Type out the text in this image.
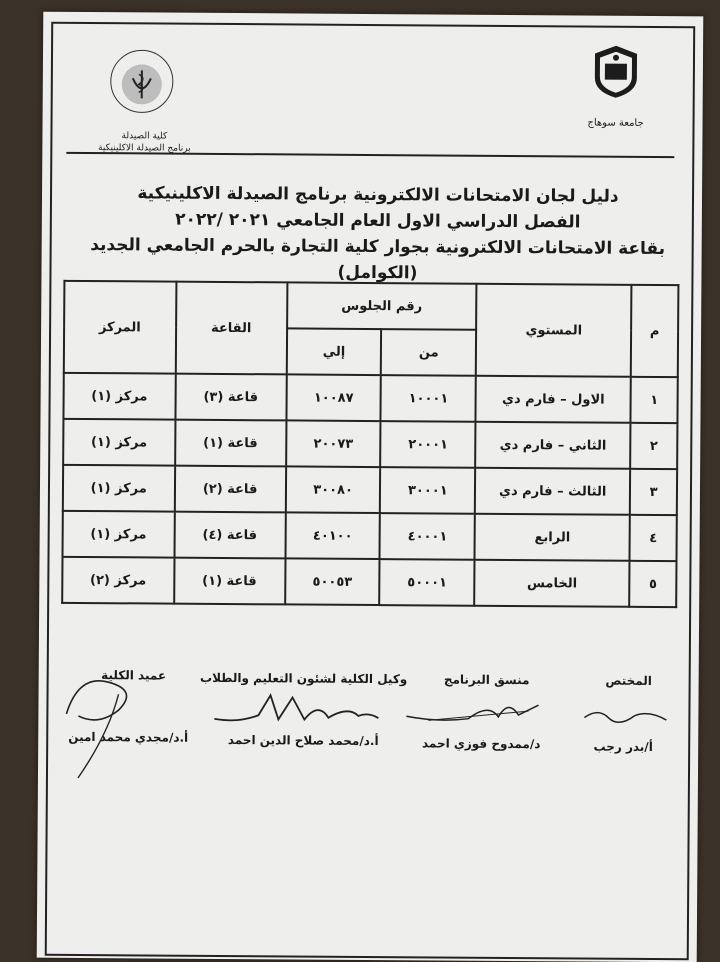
جامعة سوهاج
كلية الصيدلة
برنامج الصيدلة الاكلينيكية
دليل لجان الامتحانات الالكترونية برنامج الصيدلة الاكلينيكية
الفصل الدراسي الاول العام الجامعي ٢٠٢١ /٢٠٢٢
بقاعة الامتحانات الالكترونية بجوار كلية التجارة بالحرم الجامعي الجديد (الكوامل)
م	المستوي	رقم الجلوس		القاعة	المركز
		من	إلي		
١	الاول – فارم دي	١٠٠٠١	١٠٠٨٧	قاعة (٣)	مركز (١)
٢	الثاني – فارم دي	٢٠٠٠١	٢٠٠٧٣	قاعة (١)	مركز (١)
٣	الثالث – فارم دي	٣٠٠٠١	٣٠٠٨٠	قاعة (٢)	مركز (١)
٤	الرابع	٤٠٠٠١	٤٠١٠٠	قاعة (٤)	مركز (١)
٥	الخامس	٥٠٠٠١	٥٠٠٥٣	قاعة (١)	مركز (٢)
المختص
أ/بدر رجب
منسق البرنامج
د/ممدوح فوزي احمد
وكيل الكلية لشئون التعليم والطلاب
أ.د/محمد صلاح الدين احمد
عميد الكلية
أ.د/مجدي محمد امين
